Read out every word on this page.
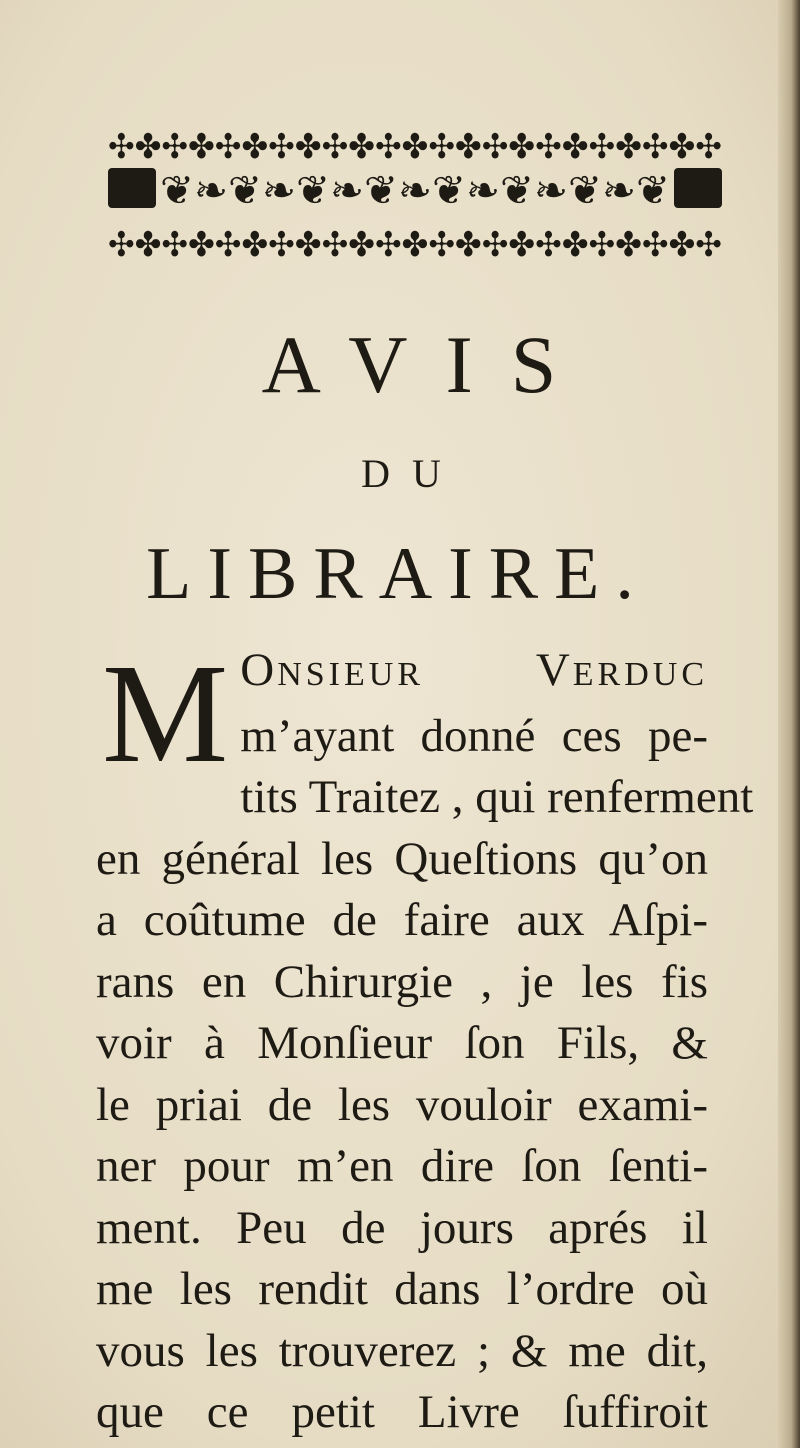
✣✤✣✤✣✤✣✤✣✤✣✤✣✤✣✤✣✤✣✤✣✤✣
❦❧❦❧❦❧❦❧❦❧❦❧❦❧❦
✣✤✣✤✣✤✣✤✣✤✣✤✣✤✣✤✣✤✣✤✣✤✣
AVIS
DU
LIBRAIRE.
M ONSIEUR VERDUC
m’ayant donné ces pe-
tits Traitez , qui renferment
en général les Queſtions qu’on
a coûtume de faire aux Aſpi-
rans en Chirurgie , je les fis
voir à Monſieur ſon Fils, &
le priai de les vouloir exami-
ner pour m’en dire ſon ſenti-
ment. Peu de jours aprés il
me les rendit dans l’ordre où
vous les trouverez ; & me dit,
que ce petit Livre ſuffiroit
